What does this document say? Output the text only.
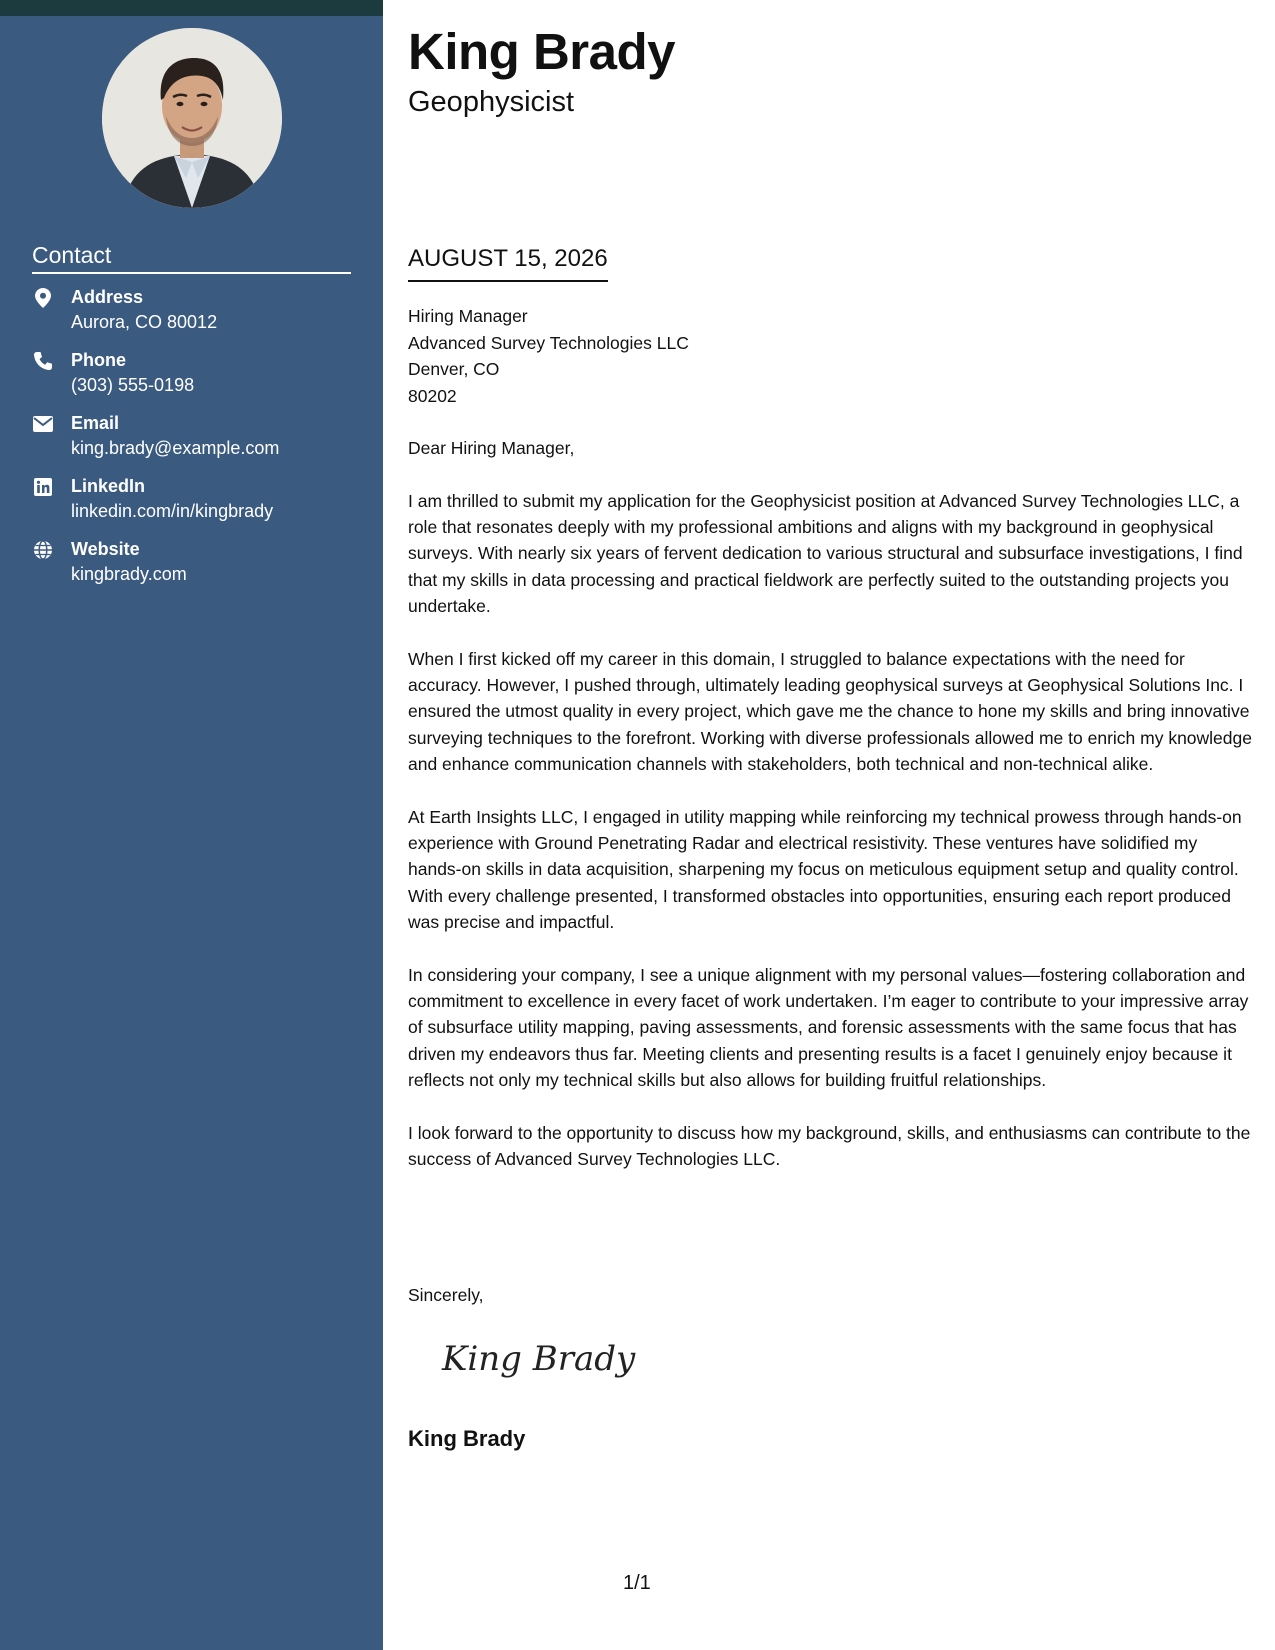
Contact
Address
Aurora, CO 80012
Phone
(303) 555-0198
Email
king.brady@example.com
LinkedIn
linkedin.com/in/kingbrady
Website
kingbrady.com
King Brady
Geophysicist
AUGUST 15, 2026
Hiring Manager
Advanced Survey Technologies LLC
Denver, CO
80202

Dear Hiring Manager,

I am thrilled to submit my application for the Geophysicist position at Advanced Survey Technologies LLC, a role that resonates deeply with my professional ambitions and aligns with my background in geophysical surveys. With nearly six years of fervent dedication to various structural and subsurface investigations, I find that my skills in data processing and practical fieldwork are perfectly suited to the outstanding projects you undertake.

When I first kicked off my career in this domain, I struggled to balance expectations with the need for accuracy. However, I pushed through, ultimately leading geophysical surveys at Geophysical Solutions Inc. I ensured the utmost quality in every project, which gave me the chance to hone my skills and bring innovative surveying techniques to the forefront. Working with diverse professionals allowed me to enrich my knowledge and enhance communication channels with stakeholders, both technical and non-technical alike.

At Earth Insights LLC, I engaged in utility mapping while reinforcing my technical prowess through hands-on experience with Ground Penetrating Radar and electrical resistivity. These ventures have solidified my hands-on skills in data acquisition, sharpening my focus on meticulous equipment setup and quality control. With every challenge presented, I transformed obstacles into opportunities, ensuring each report produced was precise and impactful.

In considering your company, I see a unique alignment with my personal values—fostering collaboration and commitment to excellence in every facet of work undertaken. I’m eager to contribute to your impressive array of subsurface utility mapping, paving assessments, and forensic assessments with the same focus that has driven my endeavors thus far. Meeting clients and presenting results is a facet I genuinely enjoy because it reflects not only my technical skills but also allows for building fruitful relationships.

I look forward to the opportunity to discuss how my background, skills, and enthusiasms can contribute to the success of Advanced Survey Technologies LLC.

Sincerely,
King Brady
King Brady
1/1
